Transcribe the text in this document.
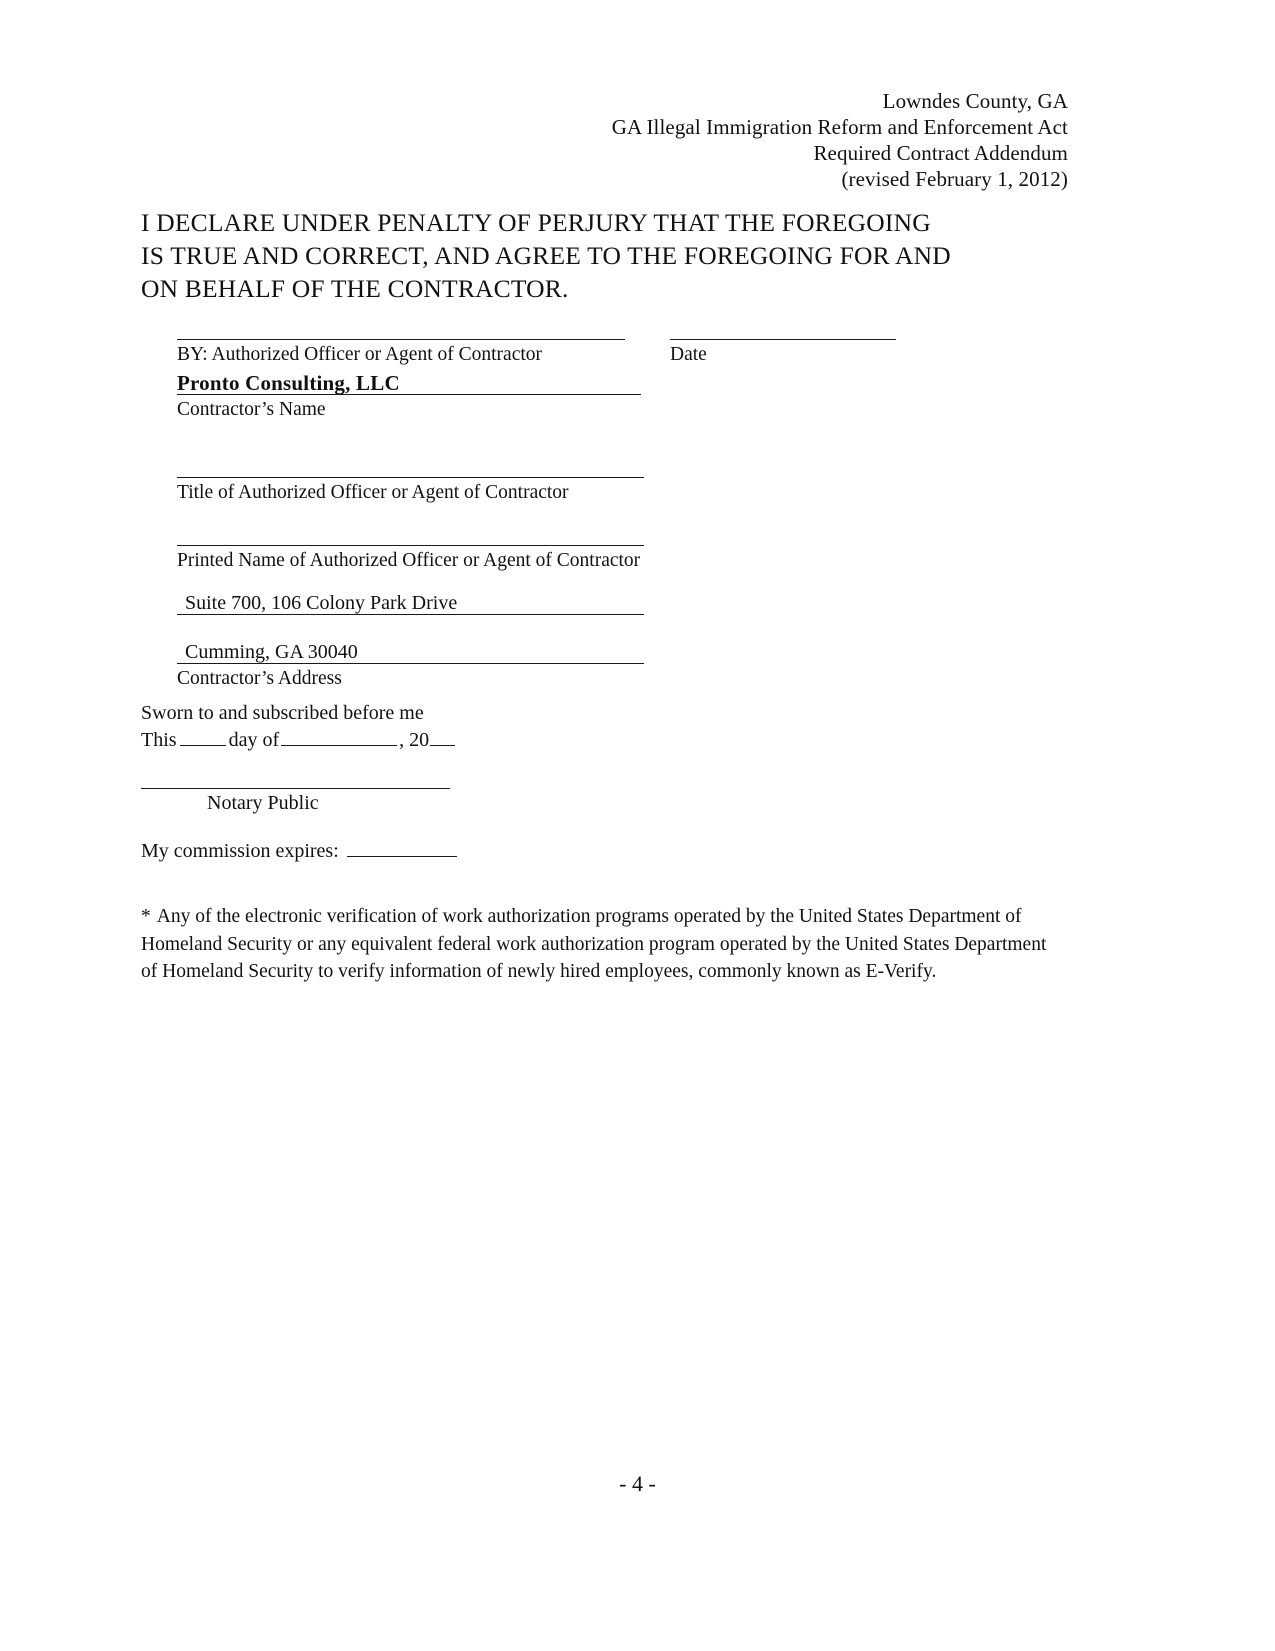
Lowndes County, GA
GA Illegal Immigration Reform and Enforcement Act
Required Contract Addendum
(revised February 1, 2012)
I DECLARE UNDER PENALTY OF PERJURY THAT THE FOREGOING
IS TRUE AND CORRECT, AND AGREE TO THE FOREGOING FOR AND
ON BEHALF OF THE CONTRACTOR.
BY: Authorized Officer or Agent of Contractor	Date
Pronto Consulting, LLC
Contractor’s Name
Title of Authorized Officer or Agent of Contractor
Printed Name of Authorized Officer or Agent of Contractor
Suite 700, 106 Colony Park Drive
Cumming, GA 30040
Contractor’s Address
Sworn to and subscribed before me
This	day of	, 20
Notary Public
My commission expires:
* Any of the electronic verification of work authorization programs operated by the United States Department of Homeland Security or any equivalent federal work authorization program operated by the United States Department of Homeland Security to verify information of newly hired employees, commonly known as E-Verify.
- 4 -
